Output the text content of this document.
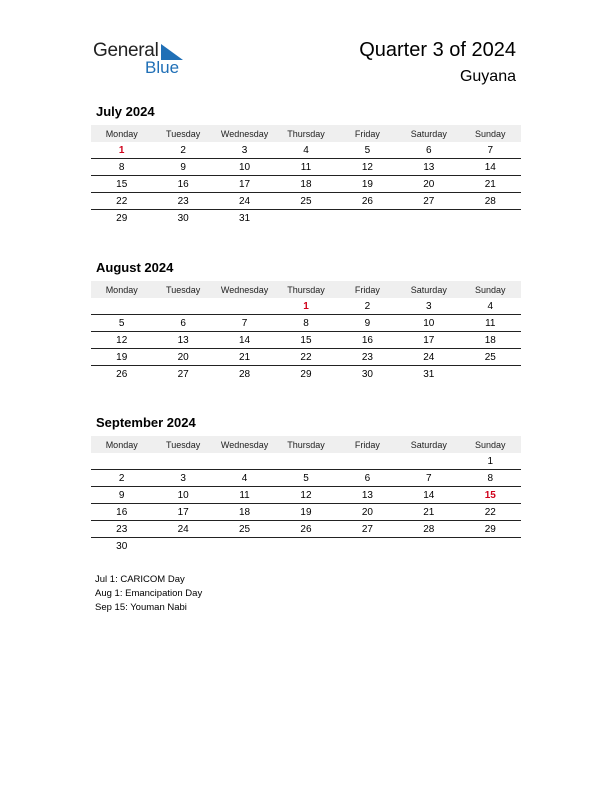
General
Blue
Quarter 3 of 2024
Guyana
July 2024
Monday	Tuesday	Wednesday	Thursday	Friday	Saturday	Sunday
1	2	3	4	5	6	7
8	9	10	11	12	13	14
15	16	17	18	19	20	21
22	23	24	25	26	27	28
29	30	31				
August 2024
Monday	Tuesday	Wednesday	Thursday	Friday	Saturday	Sunday
			1	2	3	4
5	6	7	8	9	10	11
12	13	14	15	16	17	18
19	20	21	22	23	24	25
26	27	28	29	30	31	
September 2024
Monday	Tuesday	Wednesday	Thursday	Friday	Saturday	Sunday
						1
2	3	4	5	6	7	8
9	10	11	12	13	14	15
16	17	18	19	20	21	22
23	24	25	26	27	28	29
30						
Jul 1: CARICOM Day
Aug 1: Emancipation Day
Sep 15: Youman Nabi
